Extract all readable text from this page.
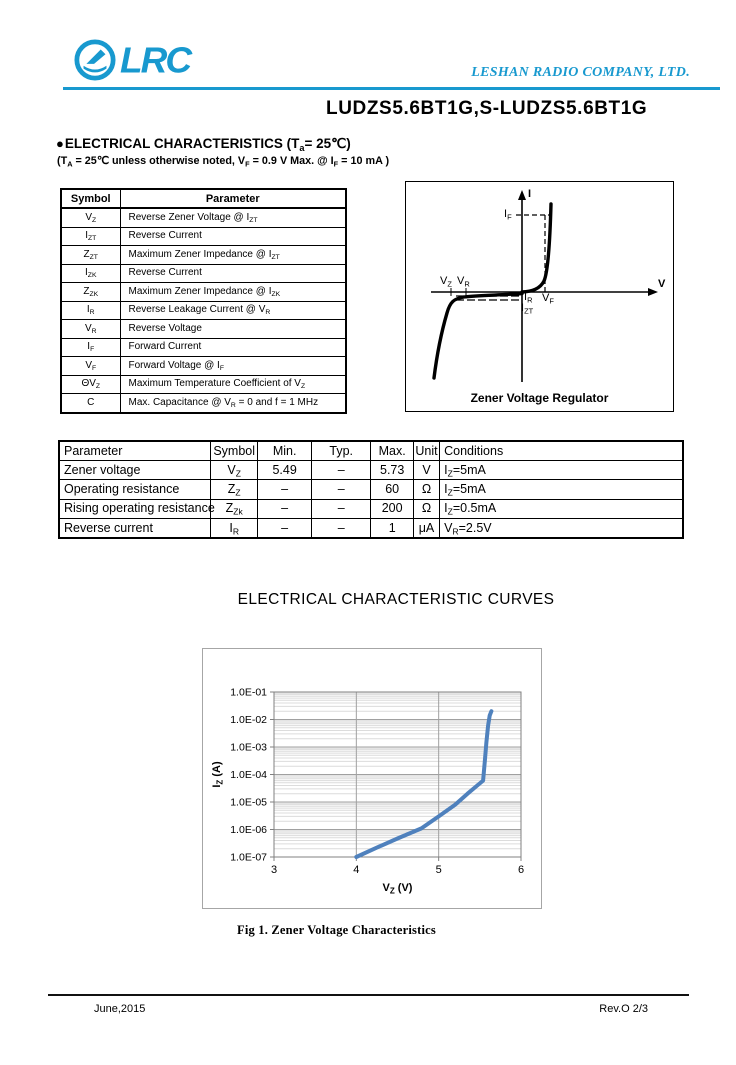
LRC	LESHAN RADIO COMPANY, LTD.
LUDZS5.6BT1G,S-LUDZS5.6BT1G
●ELECTRICAL CHARACTERISTICS ($T_a=$ 25℃)
($T_A$ = 25℃ unless otherwise noted, $V_F = 0.9$ V Max. @ $I_F = 10$ mA )
Symbol	Parameter
$V_Z$	Reverse Zener Voltage @ $I_{ZT}$
$I_{ZT}$	Reverse Current
$Z_{ZT}$	Maximum Zener Impedance @ $I_{ZT}$
$I_{ZK}$	Reverse Current
$Z_{ZK}$	Maximum Zener Impedance @ $I_{ZK}$
$I_R$	Reverse Leakage Current @ $V_R$
$V_R$	Reverse Voltage
$I_F$	Forward Current
$V_F$	Forward Voltage @ $I_F$
$\Theta V_Z$	Maximum Temperature Coefficient of $V_Z$
C	Max. Capacitance @ $V_R = 0$ and f = 1 MHz
I
V
$I_F$
$V_Z$ $V_R$
$I_R$
$I_{ZT}$
$V_F$
Zener Voltage Regulator
Parameter	Symbol	Min.	Typ.	Max.	Unit	Conditions
Zener voltage	$V_Z$	5.49	–	5.73	V	$I_Z=5mA$
Operating resistance	$Z_Z$	–	–	60	Ω	$I_Z=5mA$
Rising operating resistance	$Z_{Zk}$	–	–	200	Ω	$I_Z=0.5mA$
Reverse current	$I_R$	–	–	1	μA	$V_R=2.5V$
ELECTRICAL CHARACTERISTIC CURVES
1.0E-01
1.0E-02
1.0E-03
1.0E-04
1.0E-05
1.0E-06
1.0E-07
3	4	5	6
$I_Z$ (A)
$V_Z$ (V)
Fig 1. Zener Voltage Characteristics
June,2015	Rev.O 2/3
